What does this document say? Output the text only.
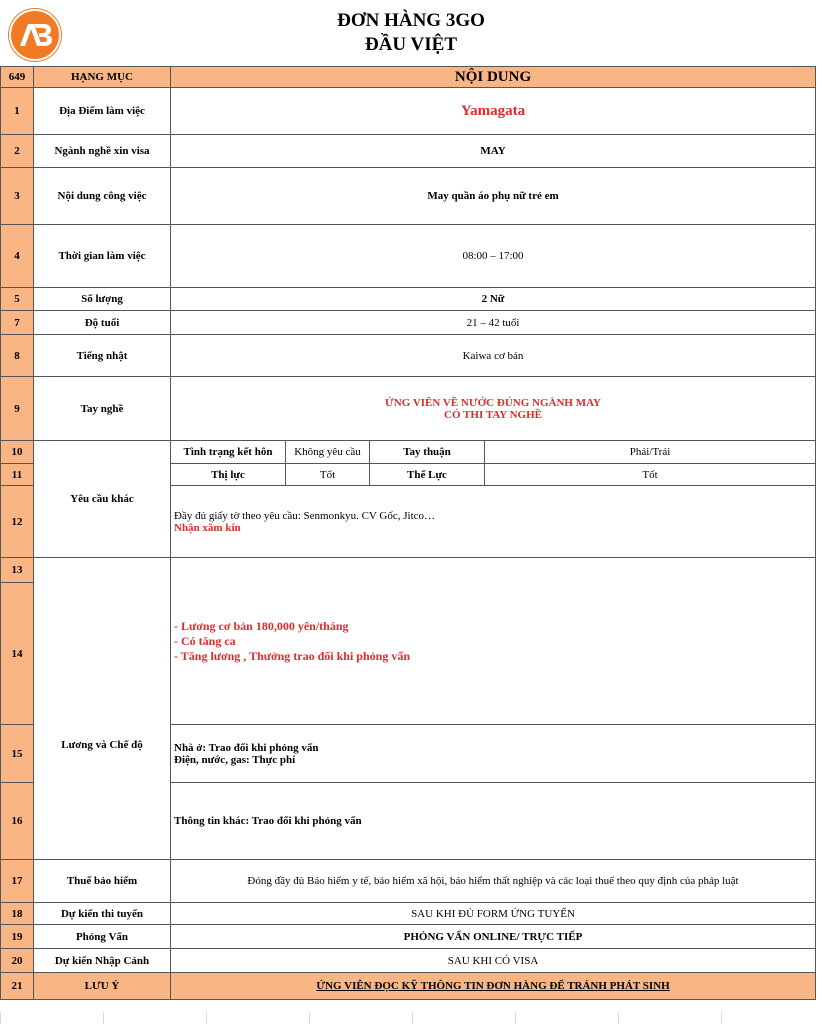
ĐƠN HÀNG 3GO
ĐẦU VIỆT
649	HẠNG MỤC	NỘI DUNG			
1	Địa Điểm làm việc	Yamagata			
2	Ngành nghề xin visa	MAY			
3	Nội dung công việc	May quần áo phụ nữ trẻ em			
4	Thời gian làm việc	08:00 – 17:00			
5	Số lượng	2 Nữ			
7	Độ tuổi	21 – 42 tuổi			
8	Tiếng nhật	Kaiwa cơ bản			
9	Tay nghề	ỨNG VIÊN VỀ NƯỚC ĐÚNG NGÀNH MAY
CÓ THI TAY NGHỀ			

10	Yêu cầu khác	Tình trạng kết hôn	Không yêu cầu	Tay thuận	Phải/Trái
11		Thị lực	Tốt	Thể Lực	Tốt
12		Đầy đủ giấy tờ theo yêu cầu: Senmonkyu. CV Gốc, Jitco…
Nhận xăm kín			

13	Lương và Chế độ	- Lương cơ bản 180,000 yên/tháng
- Có tăng ca
- Tăng lương , Thưởng trao đổi khi phỏng vấn			

14					
15		Nhà ở: Trao đổi khi phỏng vấn
Điện, nước, gas: Thực phí			

16		Thông tin khác: Trao đổi khi phỏng vấn			
17	Thuế bảo hiểm	Đóng đầy đủ Bảo hiểm y tế, bảo hiểm xã hội, bảo hiểm thất nghiệp và các loại thuế theo quy định của pháp luật			
18	Dự kiến thi tuyển	SAU KHI ĐỦ FORM ỨNG TUYỂN			
19	Phỏng Vấn	PHỎNG VẤN ONLINE/ TRỰC TIẾP			
20	Dự kiến Nhập Cảnh	SAU KHI CÓ VISA			
21	LƯU Ý	ỨNG VIÊN ĐỌC KỸ THÔNG TIN ĐƠN HÀNG ĐỂ TRÁNH PHÁT SINH			
